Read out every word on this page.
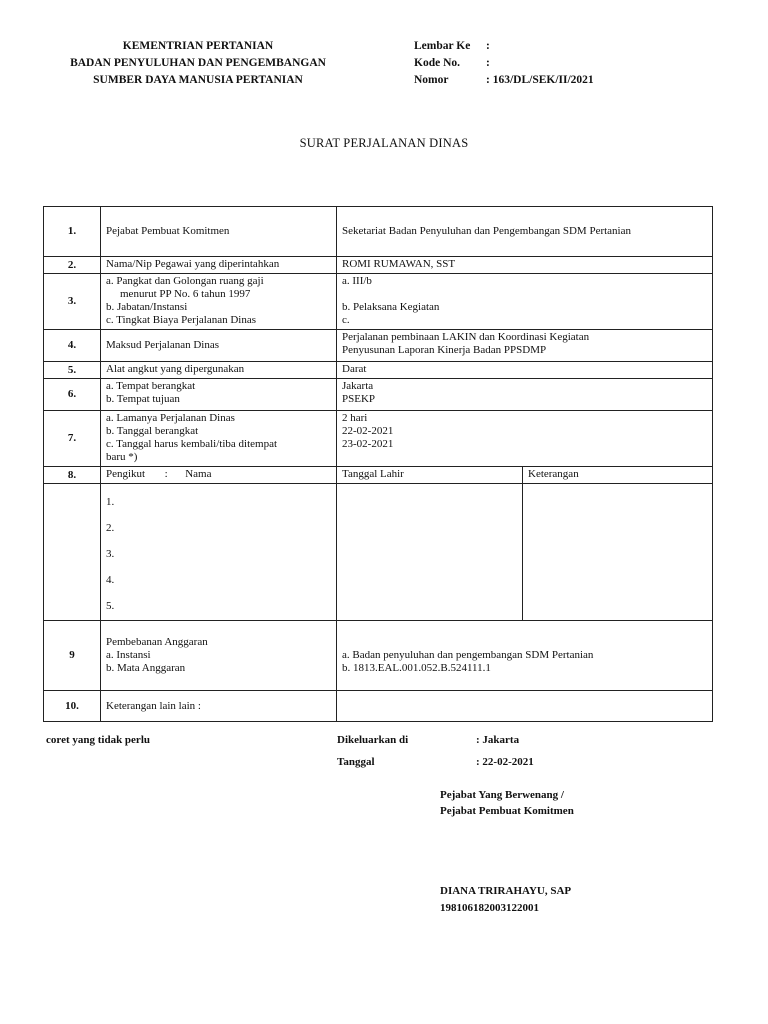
KEMENTRIAN PERTANIAN
BADAN PENYULUHAN DAN PENGEMBANGAN
SUMBER DAYA MANUSIA PERTANIAN
Lembar Ke :
Kode No. :
Nomor	: 163/DL/SEK/II/2021
SURAT PERJALANAN DINAS
1.	Pejabat Pembuat Komitmen	Seketariat Badan Penyuluhan dan Pengembangan SDM Pertanian	
2.	Nama/Nip Pegawai yang diperintahkan	ROMI RUMAWAN, SST	
3.	a. Pangkat dan Golongan ruang gaji
menurut PP No. 6 tahun 1997
b. Jabatan/Instansi
c. Tingkat Biaya Perjalanan Dinas	a. III/b
b. Pelaksana Kegiatan
c.	

4.	Maksud Perjalanan Dinas	Perjalanan pembinaan LAKIN dan Koordinasi Kegiatan
Penyusunan Laporan Kinerja Badan PPSDMP	

5.	Alat angkut yang dipergunakan	Darat	
6.	a. Tempat berangkat
b. Tempat tujuan	Jakarta
PSEKP	

7.	a. Lamanya Perjalanan Dinas
b. Tanggal berangkat
c. Tanggal harus kembali/tiba ditempat
baru *)	2 hari
22-02-2021
23-02-2021	

8.	Pengikut : Nama	Tanggal Lahir	Keterangan

	1.
2.
3.
4.
5.		

9	Pembebanan Anggaran
a. Instansi
b. Mata Anggaran	a. Badan penyuluhan dan pengembangan SDM Pertanian
b. 1813.EAL.001.052.B.524111.1	

10.	Keterangan lain lain :		
coret yang tidak perlu	Dikeluarkan di	: Jakarta
Tanggal	: 22-02-2021
Pejabat Yang Berwenang /
Pejabat Pembuat Komitmen
DIANA TRIRAHAYU, SAP
198106182003122001
